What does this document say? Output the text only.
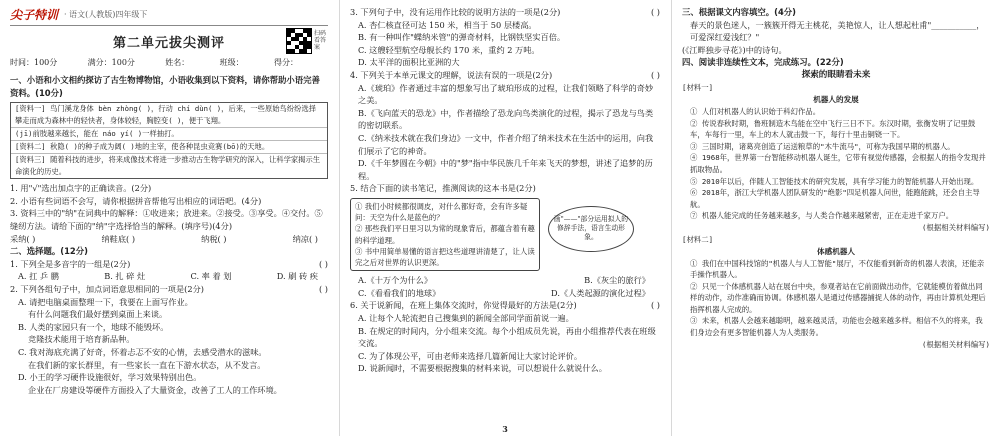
尖子特训 · 语文(人教版)四年级下
第二单元拔尖测评
扫码看答案
时间：100分	满分：100分	姓名：	班级：	得分：

一、小语和小文相约探访了古生物博物馆，小语收集到以下资料，请你帮助小语完善资料。(10分)

[资料一] 鸟门溪龙身体 bèn zhòng( )，行动 chí dùn( )，后来，一些原始鸟纷纷选择攀走而成为森林中的轻快者，身体较轻，胸腔变( )，便于飞翔。

(jī)前肢越来越长，能在 náo yí( )一样抽打。

[资料二] 秋隐( )的种子成为阔( )地的主宰，使各种昆虫竞赛(bō)的天地。

[资料三] 随着科技的进步，将来成像技术将进一步推动古生物学研究的深入，让科学家揭示生命演化的历史。

1. 用"√"选出加点字的正确读音。(2分)

2. 小语有些词语不会写，请你根据拼音帮他写出相应的词语吧。(4分)

3. 资料三中的"纳"在词典中的解释：①收进来；放进来。②接受。③享受。④交付。⑤缝纫方法。请给下面的"纳"字选择恰当的解释。(填序号)(4分)

采纳( )	纳鞋底( )	纳税( )	纳凉( )

二、选择题。(12分)

1. 下列全是多音字的一组是(2分)	( )

A. 扛 乒 鹏	B. 扎 碎 灶	C. 率 着 划	D. 刷 砖 疾

2. 下列各组句子中，加点词语意思相同的一项是(2分)	( )

A. 请把电脑桌面整理一下，我要在上面写作业。

有什么问题我们最好摆到桌面上来谈。

B. 人类的家园只有一个，地球不能毁坏。

竞隆技术能用于培育新品种。

C. 我对海底充满了好奇，怀着忐忑不安的心情，去感受潜水的滋味。

在我们新的家长群里，有一些家长一直在下游水状态，从不发言。

D. 小王的学习硬件设施很好，学习效果特别出色。

企业在厂房建设等硬件方面投入了大量资金，改善了工人的工作环境。

3. 下列句子中，没有运用作比较的说明方法的一项是(2分)	( )

A. 杏仁核直径可达 150 米，相当于 50 层楼高。

B. 有一种叫作"蝶纳米管"的弹奇材料，比钢铁坚实百倍。

C. 这艘轻型航空母舰长约 170 米，重约 2 万吨。

D. 太平洋的面积比亚洲的大

4. 下列关于本单元课文的理解，说法有误的一项是(2分)	( )

A.《琥珀》作者通过丰富的想象写出了琥珀形成的过程，让我们领略了科学的奇妙之美。

B.《飞向蓝天的恐龙》中，作者描绘了恐龙向鸟类演化的过程，揭示了恐龙与鸟类的密切联系。

C.《纳米技术就在我们身边》一文中，作者介绍了纳米技术在生活中的运用，向我们展示了它的神奇。

D.《千年梦圆在今朝》中的"梦"指中华民族几千年来飞天的梦想，讲述了追梦的历程。

5. 结合下面的读书笔记，推测阅读的这本书是(2分)

① 我们小时候都很调皮，对什么都好奇，会有许多疑问：天空为什么是蓝色的？

② 那些我们平日里习以为常的现象背后，都蕴含着有趣的科学道理。

③ 书中用简单易懂的语言把这些道理讲清楚了，让人读完之后对世界的认识更深。

画"——"部分运用拟人的修辞手法，语言生动形象。

A.《十万个为什么》	B.《灰尘的旅行》
C.《看看我们的地球》	D.《人类起源的演化过程》

6. 关于说新闻，在班上集体交流时，你觉得最好的方法是(2分)	( )

A. 让每个人轮流把自己搜集到的新闻全部同学面前说一遍。

B. 在规定的时间内，分小组来交流。每个小组成员先说，再由小组推荐代表在班级交流。

C. 为了体现公平，可由老师来选择几篇新闻让大家讨论评价。

D. 说新闻时，不需要根据搜集的材料来说，可以想说什么就说什么。

3

三、根据课文内容填空。(4分)

春天的景色迷人，一簇簇开得无主桃花，美艳惊人，让人想起杜甫"___________，可爱深红爱浅红？"

(《江畔独步寻花》)中的诗句。

四、阅读非连续性文本，完成练习。(22分)

探索的眼睛看未来

[材料一]

机器人的发展

① 人们对机器人的认识始于科幻作品。

② 传说春秋时期，鲁班制造木鸟能在空中飞行三日不下。东汉时期，张衡发明了记里鼓车，车每行一里，车上的木人就击鼓一下，每行十里击铜铙一下。

③ 三国时期，诸葛亮创造了运送粮草的"木牛流马"，可称为我国早期的机器人。

④ 1968年，世界第一台智能移动机器人诞生，它带有视觉传感器，会根据人的指令发现并抓取物品。

⑤ 2010年以后，伴随人工智能技术的研究发展，具有学习能力的智能机器人开始出现。

⑥ 2018年，浙江大学机器人团队研发的"绝影"四足机器人问世，能跑能跳，还会自主导航。

⑦ 机器人能完成的任务越来越多，与人类合作越来越紧密，正在走进千家万户。

(根据相关材料编写)

[材料二]

体感机器人

① 我们在中国科技馆的"机器人与人工智能"展厅，不仅能看到新奇的机器人表演，还能亲手操作机器人。

② 只见一个体感机器人站在展台中央，参观者站在它前面做出动作，它就能模仿着做出同样的动作，动作准确而协调。体感机器人是通过传感器捕捉人体的动作，再由计算机处理后指挥机器人完成的。

③ 未来，机器人会越来越聪明，越来越灵活，功能也会越来越多样。相信不久的将来，我们身边会有更多智能机器人为人类服务。

(根据相关材料编写)
